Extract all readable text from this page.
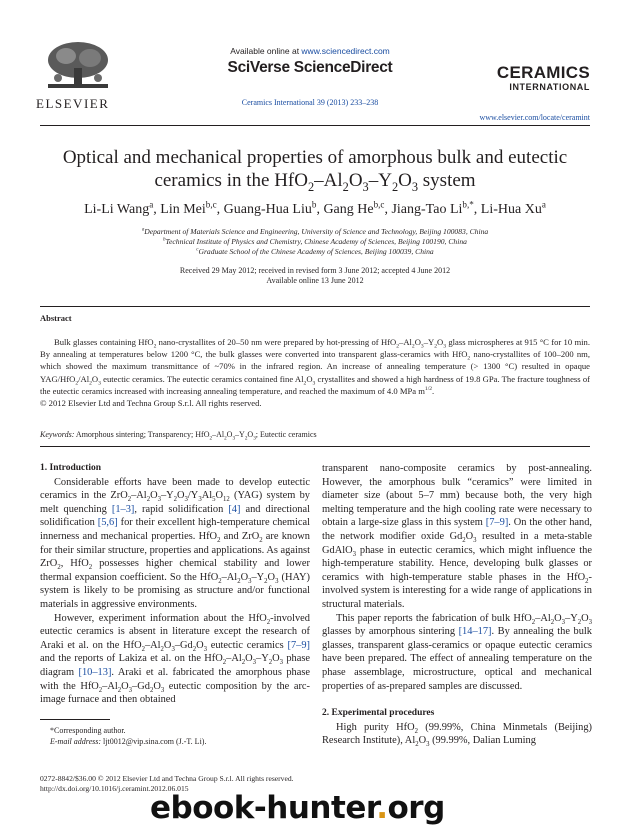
ELSEVIER
Available online at www.sciencedirect.com
SciVerse ScienceDirect
Ceramics International 39 (2013) 233–238
CERAMICS
INTERNATIONAL
www.elsevier.com/locate/ceramint
Optical and mechanical properties of amorphous bulk and eutectic
ceramics in the $HfO_2-Al_2O_3-Y_2O_3$ system
Li-Li Wang$^a$, Lin Mei$^{b,c}$, Guang-Hua Liu$^b$, Gang He$^{b,c}$, Jiang-Tao $Li^{b,*}$, Li-Hua Xu$^a$
$^a$Department of Materials Science and Engineering, University of Science and Technology, Beijing 100083, China
$^b$Technical Institute of Physics and Chemistry, Chinese Academy of Sciences, Beijing 100190, China
$^c$Graduate School of the Chinese Academy of Sciences, Beijing 100039, China
Received 29 May 2012; received in revised form 3 June 2012; accepted 4 June 2012
Available online 13 June 2012
Abstract

Bulk glasses containing HfO$_2$ nano-crystallites of 20–50 nm were prepared by hot-pressing of $HfO_2-Al_2O_3-Y_2O_3$ glass microspheres at 915 °C for 10 min. By annealing at temperatures below 1200 °C, the bulk glasses were converted into transparent glass-ceramics with HfO$_2$ nano-crystallites of 100–200 nm, which showed the maximum transmittance of ~70% in the infrared region. An increase of annealing temperature (> 1300 °C) resulted in opaque YAG/$HfO_2/Al_2O_3$ eutectic ceramics. The eutectic ceramics contained fine $Al_2O_3$ crystallites and showed a high hardness of 19.8 GPa. The fracture toughness of the eutectic ceramics increased with increasing annealing temperature, and reached the maximum of 4.0 MPa $m^{1/2}$.

© 2012 Elsevier Ltd and Techna Group S.r.l. All rights reserved.

Keywords: Amorphous sintering; Transparency; $HfO_2-Al_2O_3-Y_2O_3$; Eutectic ceramics

1. Introduction

Considerable efforts have been made to develop eutectic ceramics in the $ZrO_2-Al_2O_3-Y_2O_3/Y_3Al_5O_{12}$ (YAG) system by melt quenching [1–3], rapid solidification [4] and directional solidification [5,6] for their excellent high-temperature chemical innerness and mechanical properties. HfO$_2$ and ZrO$_2$ are known for their similar structure, properties and applications. As against ZrO$_2$, HfO$_2$ possesses higher chemical stability and lower thermal expansion coefficient. So the $HfO_2-Al_2O_3-Y_2O_3$ (HAY) system is likely to be promising as structure and/or functional materials in aggressive environments.

However, experiment information about the HfO$_2$-involved eutectic ceramics is absent in literature except the research of Araki et al. on the $HfO_2-Al_2O_3-Gd_2O_3$ eutectic ceramics [7–9] and the reports of Lakiza et al. on the $HfO_2-Al_2O_3-Y_2O_3$ phase diagram [10–13]. Araki et al. fabricated the amorphous phase with the $HfO_2-Al_2O_3-Gd_2O_3$ eutectic composition by the arc-image furnace and then obtained

transparent nano-composite ceramics by post-annealing. However, the amorphous bulk “ceramics” were limited in diameter size (about 5–7 mm) because both, the very high melting temperature and the high cooling rate were necessary to obtain a large-size glass in this system [7–9]. On the other hand, the network modifier oxide $Gd_2O_3$ resulted in a meta-stable GdAlO$_3$ phase in eutectic ceramics, which might influence the high-temperature stability. Hence, developing bulk glasses or ceramics with high-temperature stable phases in the HfO$_2$-involved system is interesting for a wide range of applications in structural materials.

This paper reports the fabrication of bulk $HfO_2-Al_2O_3-Y_2O_3$ glasses by amorphous sintering [14–17]. By annealing the bulk glasses, transparent glass-ceramics or opaque eutectic ceramics have been prepared. The effect of annealing temperature on the phase assemblage, microstructure, optical and mechanical properties of as-prepared samples are discussed.

2. Experimental procedures

High purity HfO$_2$ (99.99%, China Minmetals (Beijing) Research Institute), $Al_2O_3$ (99.99%, Dalian Luming

*Corresponding author.

E-mail address: ljt0012@vip.sina.com (J.-T. Li).

0272-8842/$36.00 © 2012 Elsevier Ltd and Techna Group S.r.l. All rights reserved.
http://dx.doi.org/10.1016/j.ceramint.2012.06.015
ebook-hunter.org
